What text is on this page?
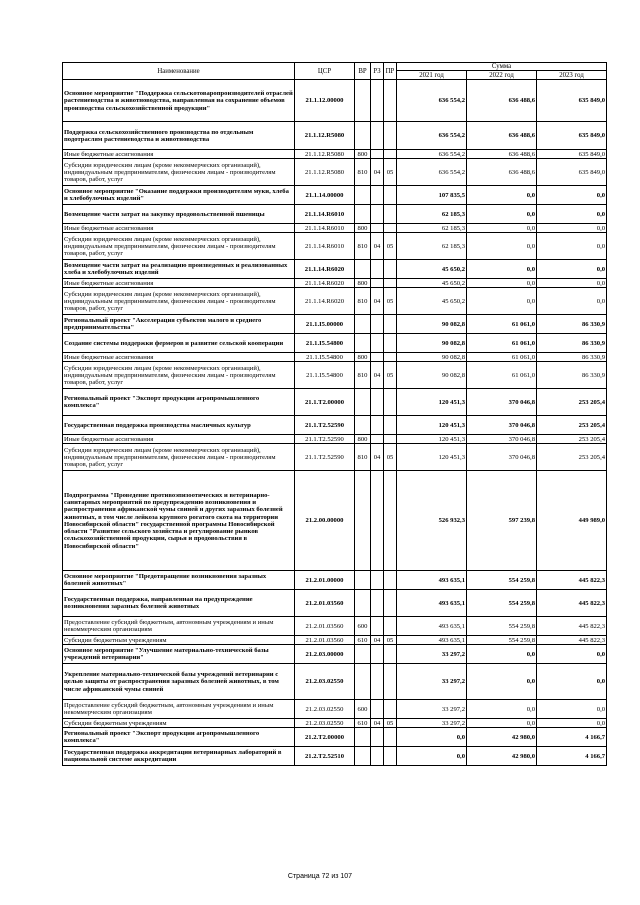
Наименование	ЦСР	ВР	РЗ	ПР	Сумма		
					2021 год	2022 год	2023 год
Основное мероприятие "Поддержка сельскотоваропроизводителей отраслей растениеводства и животноводства, направленная на сохранение объемов производства сельскохозяйственной продукции"	21.1.12.00000				636 554,2	636 488,6	635 849,0
Поддержка сельскохозяйственного производства по отдельным подотраслям растениеводства и животноводства	21.1.12.R5080				636 554,2	636 488,6	635 849,0
Иные бюджетные ассигнования	21.1.12.R5080	800			636 554,2	636 488,6	635 849,0
Субсидии юридическим лицам (кроме некоммерческих организаций), индивидуальным предпринимателям, физическим лицам - производителям товаров, работ, услуг	21.1.12.R5080	810	04	05	636 554,2	636 488,6	635 849,0
Основное мероприятие "Оказание поддержки производителям муки, хлеба и хлебобулочных изделий"	21.1.14.00000				107 835,5	0,0	0,0
Возмещение части затрат на закупку продовольственной пшеницы	21.1.14.R6010				62 185,3	0,0	0,0
Иные бюджетные ассигнования	21.1.14.R6010	800			62 185,3	0,0	0,0
Субсидии юридическим лицам (кроме некоммерческих организаций), индивидуальным предпринимателям, физическим лицам - производителям товаров, работ, услуг	21.1.14.R6010	810	04	05	62 185,3	0,0	0,0
Возмещение части затрат на реализацию произведенных и реализованных хлеба и хлебобулочных изделий	21.1.14.R6020				45 650,2	0,0	0,0
Иные бюджетные ассигнования	21.1.14.R6020	800			45 650,2	0,0	0,0
Субсидии юридическим лицам (кроме некоммерческих организаций), индивидуальным предпринимателям, физическим лицам - производителям товаров, работ, услуг	21.1.14.R6020	810	04	05	45 650,2	0,0	0,0
Региональный проект "Акселерация субъектов малого и среднего предпринимательства"	21.1.I5.00000				90 082,8	61 061,0	86 330,9
Создание системы поддержки фермеров и развитие сельской кооперации	21.1.I5.54800				90 082,8	61 061,0	86 330,9
Иные бюджетные ассигнования	21.1.I5.54800	800			90 082,8	61 061,0	86 330,9
Субсидии юридическим лицам (кроме некоммерческих организаций), индивидуальным предпринимателям, физическим лицам - производителям товаров, работ, услуг	21.1.I5.54800	810	04	05	90 082,8	61 061,0	86 330,9
Региональный проект "Экспорт продукции агропромышленного комплекса"	21.1.T2.00000				120 451,3	370 046,8	253 205,4
Государственная поддержка производства масличных культур	21.1.T2.52590				120 451,3	370 046,8	253 205,4
Иные бюджетные ассигнования	21.1.T2.52590	800			120 451,3	370 046,8	253 205,4
Субсидии юридическим лицам (кроме некоммерческих организаций), индивидуальным предпринимателям, физическим лицам - производителям товаров, работ, услуг	21.1.T2.52590	810	04	05	120 451,3	370 046,8	253 205,4
Подпрограмма "Проведение противоэпизоотических и ветеринарно-санитарных мероприятий по предупреждению возникновения и распространения африканской чумы свиней и других заразных болезней животных, в том числе лейкоза крупного рогатого скота на территории Новосибирской области" государственной программы Новосибирской области "Развитие сельского хозяйства и регулирование рынков сельскохозяйственной продукции, сырья и продовольствия в Новосибирской области"	21.2.00.00000				526 932,3	597 239,8	449 989,0
Основное мероприятие "Предотвращение возникновения заразных болезней животных"	21.2.01.00000				493 635,1	554 259,8	445 822,3
Государственная поддержка, направленная на предупреждение возникновения заразных болезней животных	21.2.01.03560				493 635,1	554 259,8	445 822,3
Предоставление субсидий бюджетным, автономным учреждениям и иным некоммерческим организациям	21.2.01.03560	600			493 635,1	554 259,8	445 822,3
Субсидии бюджетным учреждениям	21.2.01.03560	610	04	05	493 635,1	554 259,8	445 822,3
Основное мероприятие "Улучшение материально-технической базы учреждений ветеринарии"	21.2.03.00000				33 297,2	0,0	0,0
Укрепление материально-технической базы учреждений ветеринарии с целью защиты от распространения заразных болезней животных, в том числе африканской чумы свиней	21.2.03.02550				33 297,2	0,0	0,0
Предоставление субсидий бюджетным, автономным учреждениям и иным некоммерческим организациям	21.2.03.02550	600			33 297,2	0,0	0,0
Субсидии бюджетным учреждениям	21.2.03.02550	610	04	05	33 297,2	0,0	0,0
Региональный проект "Экспорт продукции агропромышленного комплекса"	21.2.T2.00000				0,0	42 980,0	4 166,7
Государственная поддержка аккредитации ветеринарных лабораторий в национальной системе аккредитации	21.2.T2.52510				0,0	42 980,0	4 166,7
Страница 72 из 107
